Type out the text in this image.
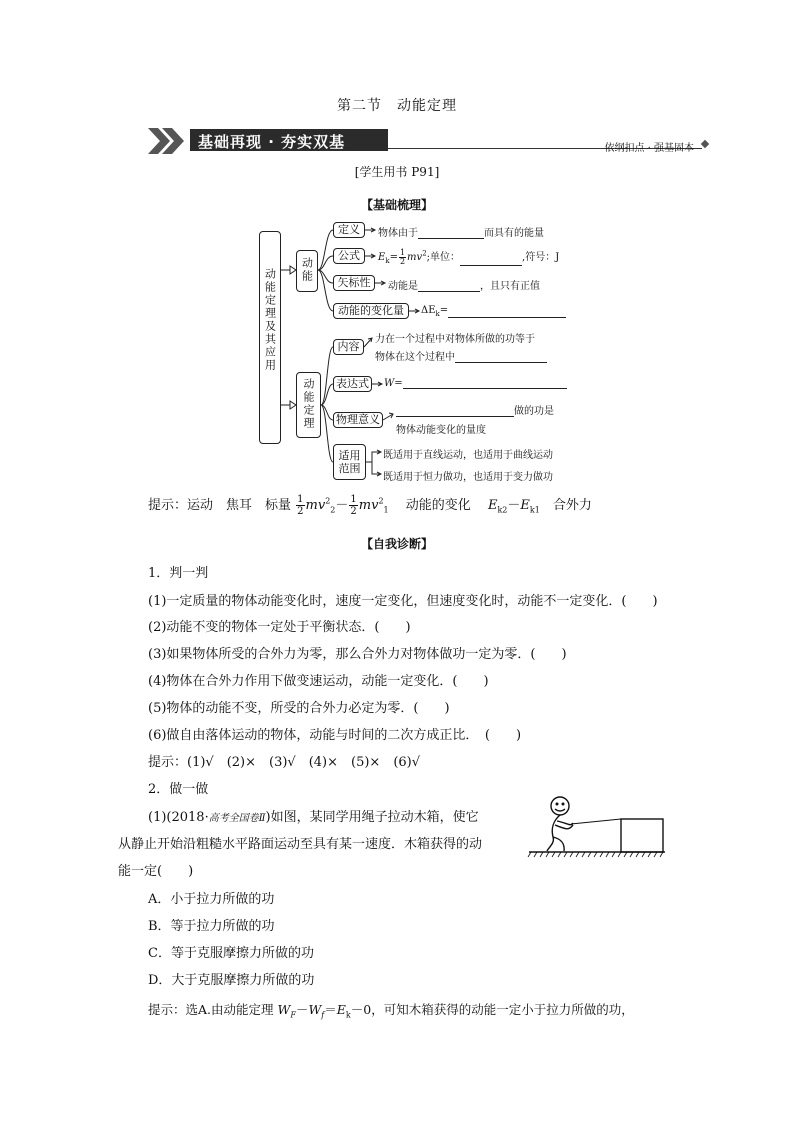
第二节　动能定理
基础再现 · 夯实双基	依纲扣点 · 强基固本
[学生用书 P91]
【基础梳理】
动能定理及其应用	动能
定义
公式
矢标性
动能的变化量
物体由于	而具有的能量
$E_k= \frac{1}{2} mv^2$;单位：	,符号：J
动能是	，且只有正值
$\Delta E_k=$
动能定理
内容
表达式
物理意义
适用范围
力在一个过程中对物体所做的功等于
物体在这个过程中
W=
做的功是
物体动能变化的量度
既适用于直线运动，也适用于曲线运动
既适用于恒力做功，也适用于变力做功
提示：运动　焦耳　标量 $\frac{1}{2} mv^2_2- \frac{1}{2} mv^2_1$ 　 动能的变化 　 $E_{k2}-E_{k1}$　 合外力
【自我诊断】
1．判一判
(1)一定质量的物体动能变化时，速度一定变化，但速度变化时，动能不一定变化．(　　)
(2)动能不变的物体一定处于平衡状态．(　　)
(3)如果物体所受的合外力为零，那么合外力对物体做功一定为零．(　　)
(4)物体在合外力作用下做变速运动，动能一定变化．(　　)
(5)物体的动能不变，所受的合外力必定为零．(　　)
(6)做自由落体运动的物体，动能与时间的二次方成正比．　(　　)
提示：(1)√　(2)×　(3)√　(4)×　(5)×　(6)√
2．做一做
(1)(2018·高考全国卷Ⅱ)如图，某同学用绳子拉动木箱，使它
从静止开始沿粗糙水平路面运动至具有某一速度．木箱获得的动
能一定(　　)
A．小于拉力所做的功
B．等于拉力所做的功
C．等于克服摩擦力所做的功
D．大于克服摩擦力所做的功
提示：选A.由动能定理 $W_F-W_f=E_k-0$，可知木箱获得的动能一定小于拉力所做的功，
